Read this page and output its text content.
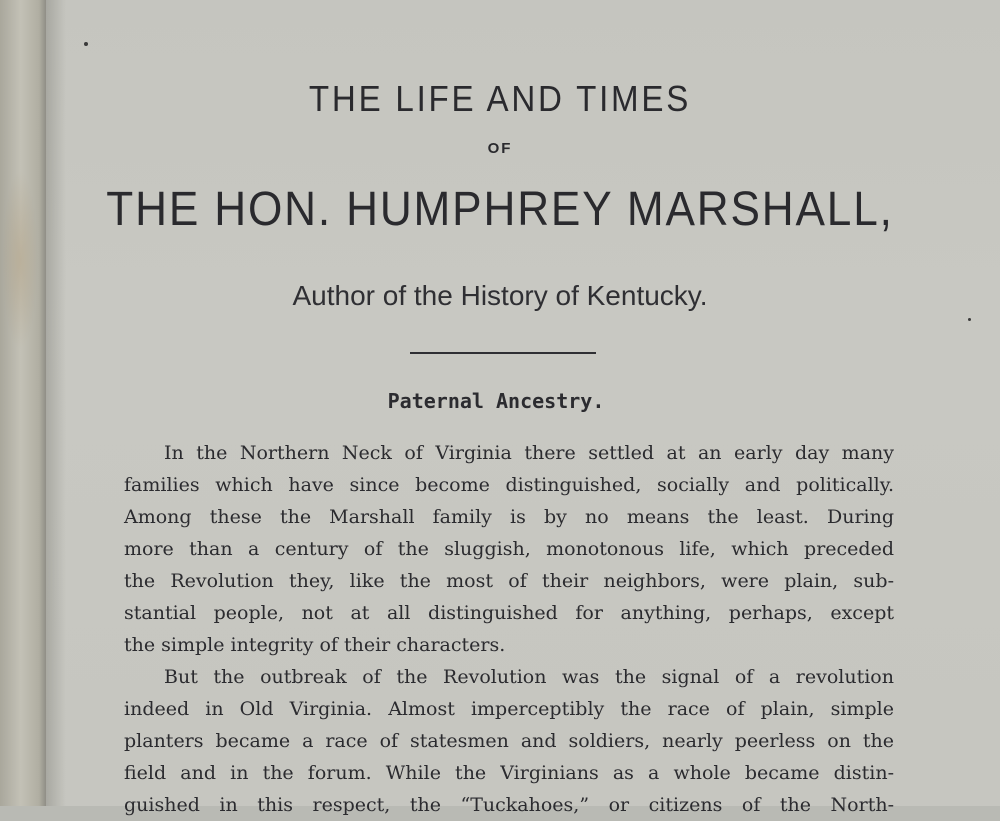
THE LIFE AND TIMES
OF
THE HON. HUMPHREY MARSHALL,
Author of the History of Kentucky.
Paternal Ancestry.
In the Northern Neck of Virginia there settled at an early day many
families which have since become distinguished, socially and politically.
Among these the Marshall family is by no means the least. During
more than a century of the sluggish, monotonous life, which preceded
the Revolution they, like the most of their neighbors, were plain, sub-
stantial people, not at all distinguished for anything, perhaps, except
the simple integrity of their characters.
But the outbreak of the Revolution was the signal of a revolution
indeed in Old Virginia. Almost imperceptibly the race of plain, simple
planters became a race of statesmen and soldiers, nearly peerless on the
field and in the forum. While the Virginians as a whole became distin-
guished in this respect, the “Tuckahoes,” or citizens of the North-
